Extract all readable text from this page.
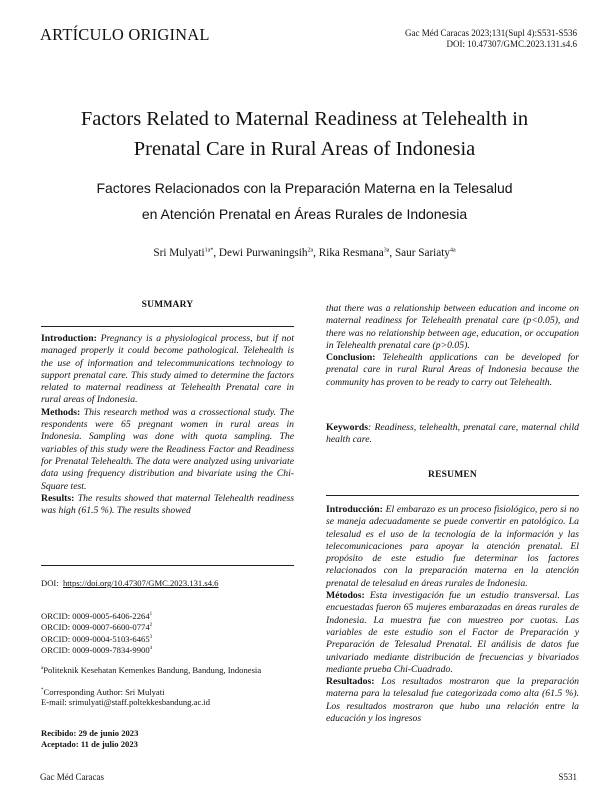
ARTÍCULO ORIGINAL	Gac Méd Caracas 2023;131(Supl 4):S531-S536
DOI: 10.47307/GMC.2023.131.s4.6
Factors Related to Maternal Readiness at Telehealth in
Prenatal Care in Rural Areas of Indonesia
Factores Relacionados con la Preparación Materna en la Telesalud
en Atención Prenatal en Áreas Rurales de Indonesia
Sri Mulyati$^{1a*}$, Dewi Purwaningsih$^{2a}$, Rika Resmana$^{3a}$, Saur Sariaty$^{4a}$
SUMMARY

Introduction: Pregnancy is a physiological process, but if not managed properly it could become pathological. Telehealth is the use of information and telecommunications technology to support prenatal care. This study aimed to determine the factors related to maternal readiness at Telehealth Prenatal care in rural areas of Indonesia.

Methods: This research method was a crossectional study. The respondents were 65 pregnant women in rural areas in Indonesia. Sampling was done with quota sampling. The variables of this study were the Readiness Factor and Readiness for Prenatal Telehealth. The data were analyzed using univariate data using frequency distribution and bivariate using the Chi-Square test.

Results: The results showed that maternal Telehealth readiness was high (61.5 %). The results showed

DOI: https://doi.org/10.47307/GMC.2023.131.s4.6
ORCID: 0009-0005-6406-2264$^1$
ORCID: 0009-0007-6600-0774$^2$
ORCID: 0009-0004-5103-6465$^3$
ORCID: 0009-0009-7834-9900$^4$
$^a$Politeknik Kesehatan Kemenkes Bandung, Bandung, Indonesia
*Corresponding Author: Sri Mulyati
E-mail: srimulyati@staff.poltekkesbandung.ac.id
Recibido: 29 de junio 2023
Aceptado: 11 de julio 2023

that there was a relationship between education and income on maternal readiness for Telehealth prenatal care (p<0.05), and there was no relationship between age, education, or occupation in Telehealth prenatal care (p>0.05).

Conclusion: Telehealth applications can be developed for prenatal care in rural Rural Areas of Indonesia because the community has proven to be ready to carry out Telehealth.

Keywords: Readiness, telehealth, prenatal care, maternal child health care.
RESUMEN

Introducción: El embarazo es un proceso fisiológico, pero si no se maneja adecuadamente se puede convertir en patológico. La telesalud es el uso de la tecnología de la información y las telecomunicaciones para apoyar la atención prenatal. El propósito de este estudio fue determinar los factores relacionados con la preparación materna en la atención prenatal de telesalud en áreas rurales de Indonesia.

Métodos: Esta investigación fue un estudio transversal. Las encuestadas fueron 65 mujeres embarazadas en áreas rurales de Indonesia. La muestra fue con muestreo por cuotas. Las variables de este estudio son el Factor de Preparación y Preparación de Telesalud Prenatal. El análisis de datos fue univariado mediante distribución de frecuencias y bivariados mediante prueba Chi-Cuadrado.

Resultados: Los resultados mostraron que la preparación materna para la telesalud fue categorizada como alta (61.5 %). Los resultados mostraron que hubo una relación entre la educación y los ingresos

Gac Méd Caracas	S531
